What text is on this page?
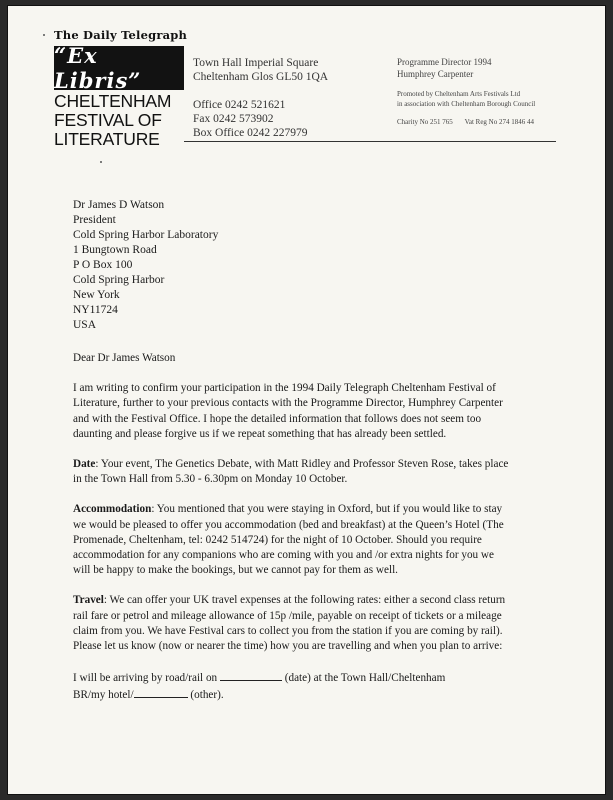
The Daily Telegraph
“Ex Libris”
CHELTENHAM
FESTIVAL OF
LITERATURE
Town Hall Imperial Square
Cheltenham Glos GL50 1QA
Office 0242 521621
Fax 0242 573902
Box Office 0242 227979
Programme Director 1994
Humphrey Carpenter
Promoted by Cheltenham Arts Festivals Ltd
in association with Cheltenham Borough Council
Charity No 251 765 Vat Reg No 274 1846 44
Dr James D Watson
President
Cold Spring Harbor Laboratory
1 Bungtown Road
P O Box 100
Cold Spring Harbor
New York
NY11724
USA

Dear Dr James Watson

I am writing to confirm your participation in the 1994 Daily Telegraph Cheltenham Festival of Literature, further to your previous contacts with the Programme Director, Humphrey Carpenter and with the Festival Office. I hope the detailed information that follows does not seem too daunting and please forgive us if we repeat something that has already been settled.

Date: Your event, The Genetics Debate, with Matt Ridley and Professor Steven Rose, takes place in the Town Hall from 5.30 - 6.30pm on Monday 10 October.

Accommodation: You mentioned that you were staying in Oxford, but if you would like to stay we would be pleased to offer you accommodation (bed and breakfast) at the Queen’s Hotel (The Promenade, Cheltenham, tel: 0242 514724) for the night of 10 October. Should you require accommodation for any companions who are coming with you and /or extra nights for you we will be happy to make the bookings, but we cannot pay for them as well.

Travel: We can offer your UK travel expenses at the following rates: either a second class return rail fare or petrol and mileage allowance of 15p /mile, payable on receipt of tickets or a mileage claim from you. We have Festival cars to collect you from the station if you are coming by rail). Please let us know (now or nearer the time) how you are travelling and when you plan to arrive:

I will be arriving by road/rail on	(date) at the Town Hall/Cheltenham
BR/my hotel/	(other).
